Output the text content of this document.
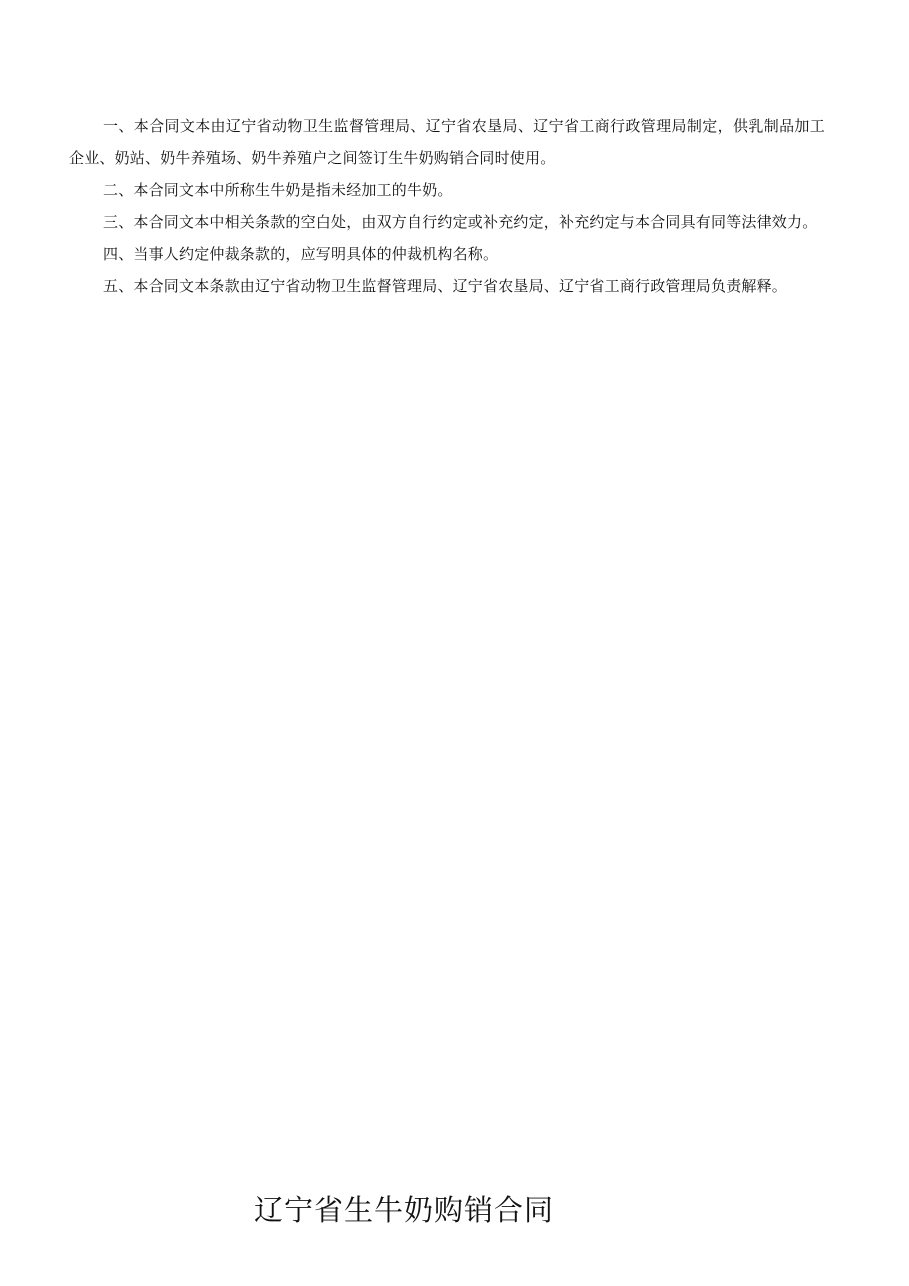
一、本合同文本由辽宁省动物卫生监督管理局、辽宁省农垦局、辽宁省工商行政管理局制定，供乳制品加工企业、奶站、奶牛养殖场、奶牛养殖户之间签订生牛奶购销合同时使用。

二、本合同文本中所称生牛奶是指未经加工的牛奶。

三、本合同文本中相关条款的空白处，由双方自行约定或补充约定，补充约定与本合同具有同等法律效力。

四、当事人约定仲裁条款的，应写明具体的仲裁机构名称。

五、本合同文本条款由辽宁省动物卫生监督管理局、辽宁省农垦局、辽宁省工商行政管理局负责解释。

辽宁省生牛奶购销合同
